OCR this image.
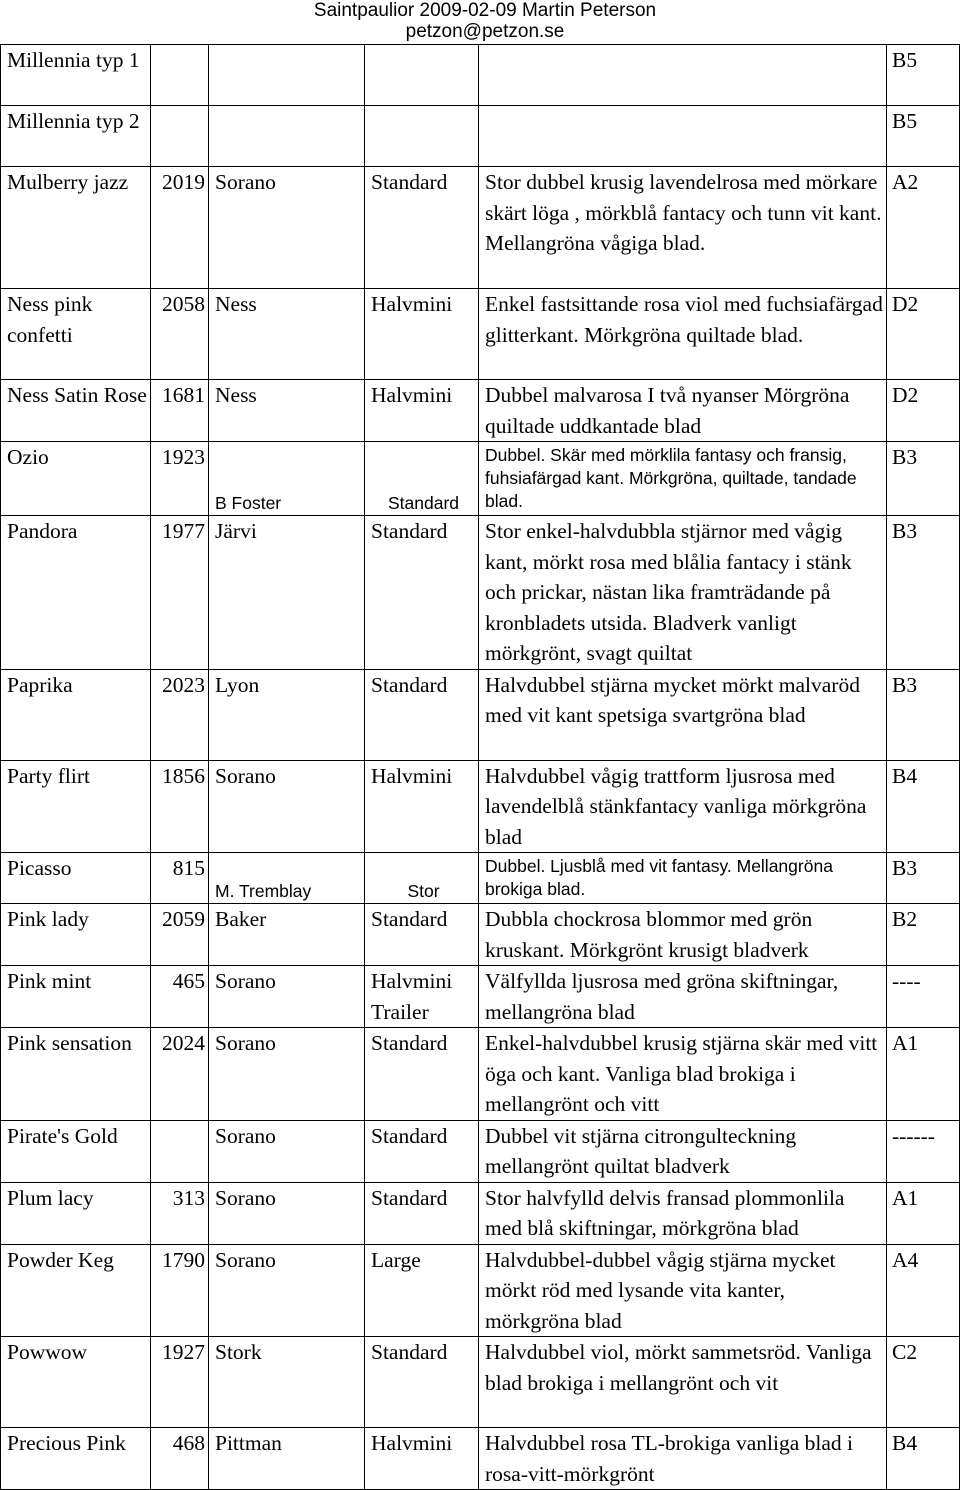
Saintpaulior 2009-02-09 Martin Peterson
petzon@petzon.se
Millennia typ 1					B5
Millennia typ 2					B5
Mulberry jazz	2019	Sorano	Standard	Stor dubbel krusig lavendelrosa med mörkare skärt löga , mörkblå fantacy och tunn vit kant. Mellangröna vågiga blad.	A2
Ness pink confetti	2058	Ness	Halvmini	Enkel fastsittande rosa viol med fuchsiafärgad glitterkant. Mörkgröna quiltade blad.	D2
Ness Satin Rose	1681	Ness	Halvmini	Dubbel malvarosa I två nyanser Mörgröna quiltade uddkantade blad	D2
Ozio	1923	B Foster	Standard	Dubbel. Skär med mörklila fantasy och fransig, fuhsiafärgad kant. Mörkgröna, quiltade, tandade blad.	B3
Pandora	1977	Järvi	Standard	Stor enkel-halvdubbla stjärnor med vågig kant, mörkt rosa med blålia fantacy i stänk och prickar, nästan lika framträdande på kronbladets utsida. Bladverk vanligt mörkgrönt, svagt quiltat	B3
Paprika	2023	Lyon	Standard	Halvdubbel stjärna mycket mörkt malvaröd med vit kant spetsiga svartgröna blad	B3
Party flirt	1856	Sorano	Halvmini	Halvdubbel vågig trattform ljusrosa med lavendelblå stänkfantacy vanliga mörkgröna blad	B4
Picasso	815	M. Tremblay	Stor	Dubbel. Ljusblå med vit fantasy. Mellangröna brokiga blad.	B3
Pink lady	2059	Baker	Standard	Dubbla chockrosa blommor med grön kruskant. Mörkgrönt krusigt bladverk	B2
Pink mint	465	Sorano	Halvmini Trailer	Välfyllda ljusrosa med gröna skiftningar, mellangröna blad	----
Pink sensation	2024	Sorano	Standard	Enkel-halvdubbel krusig stjärna skär med vitt öga och kant. Vanliga blad brokiga i mellangrönt och vitt	A1
Pirate's Gold		Sorano	Standard	Dubbel vit stjärna citrongulteckning mellangrönt quiltat bladverk	------
Plum lacy	313	Sorano	Standard	Stor halvfylld delvis fransad plommonlila med blå skiftningar, mörkgröna blad	A1
Powder Keg	1790	Sorano	Large	Halvdubbel-dubbel vågig stjärna mycket mörkt röd med lysande vita kanter, mörkgröna blad	A4
Powwow	1927	Stork	Standard	Halvdubbel viol, mörkt sammetsröd. Vanliga blad brokiga i mellangrönt och vit	C2
Precious Pink	468	Pittman	Halvmini	Halvdubbel rosa TL-brokiga vanliga blad i rosa-vitt-mörkgrönt	B4
